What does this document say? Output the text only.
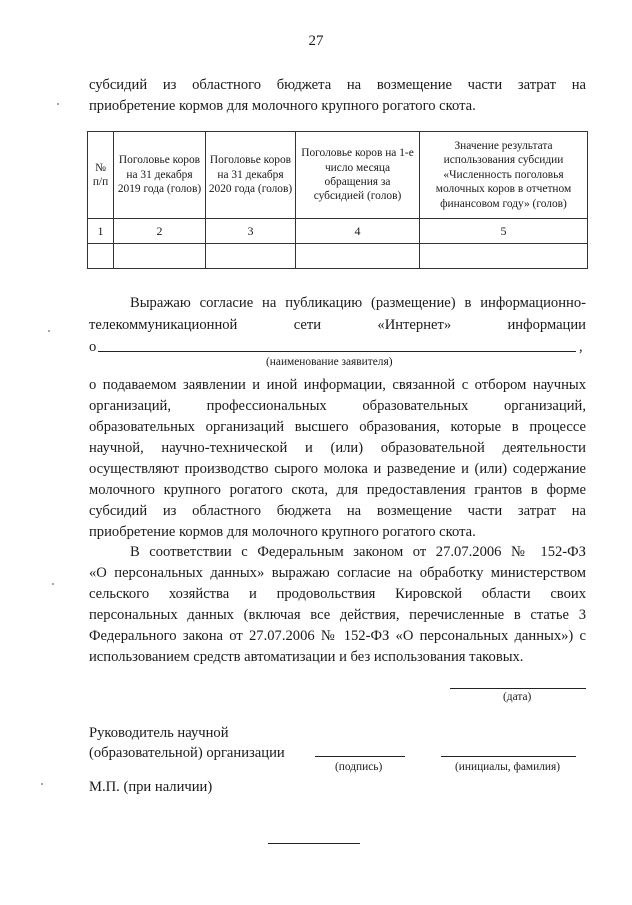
27
субсидий из областного бюджета на возмещение части затрат на
приобретение кормов для молочного крупного рогатого скота.
№ п/п	Поголовье коров на 31 декабря 2019 года (голов)	Поголовье коров на 31 декабря 2020 года (голов)	Поголовье коров на 1-е число месяца обращения за субсидией (голов)	Значение результата использования субсидии «Численность поголовья молочных коров в отчетном финансовом году» (голов)
1	2	3	4	5

Выражаю согласие на публикацию (размещение) в информационно-
телекоммуникационной	сети	«Интернет»	информации
о	,
(наименование заявителя)
о подаваемом заявлении и иной информации, связанной с отбором научных
организаций, профессиональных образовательных организаций,
образовательных организаций высшего образования, которые в процессе
научной, научно-технической и (или) образовательной деятельности
осуществляют производство сырого молока и разведение и (или) содержание
молочного крупного рогатого скота, для предоставления грантов в форме
субсидий из областного бюджета на возмещение части затрат на
приобретение кормов для молочного крупного рогатого скота.
В соответствии с Федеральным законом от 27.07.2006 № 152-ФЗ
«О персональных данных» выражаю согласие на обработку министерством
сельского хозяйства и продовольствия Кировской области своих
персональных данных (включая все действия, перечисленные в статье 3
Федерального закона от 27.07.2006 № 152-ФЗ «О персональных данных») с
использованием средств автоматизации и без использования таковых.
(дата)
Руководитель научной
(образовательной) организации
(подпись)	(инициалы, фамилия)
М.П. (при наличии)
